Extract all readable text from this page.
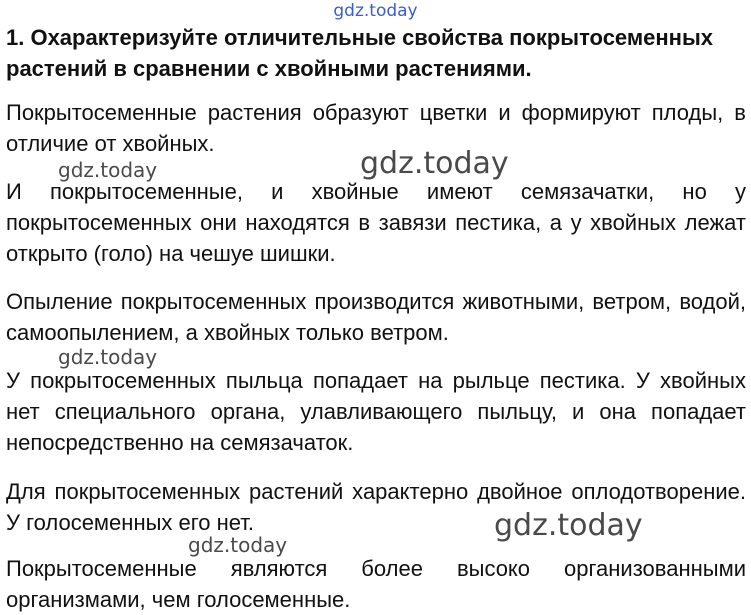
gdz.today
1. Охарактеризуйте отличительные свойства покрытосеменных растений в сравнении с хвойными растениями.
Покрытосеменные растения образуют цветки и формируют плоды, в отличие от хвойных.
И покрытосеменные, и хвойные имеют семязачатки, но у покрытосеменных они находятся в завязи пестика, а у хвойных лежат открыто (голо) на чешуе шишки.
Опыление покрытосеменных производится животными, ветром, водой, самоопылением, а хвойных только ветром.
У покрытосеменных пыльца попадает на рыльце пестика. У хвойных нет специального органа, улавливающего пыльцу, и она попадает непосредственно на семязачаток.
Для покрытосеменных растений характерно двойное оплодотворение. У голосеменных его нет.
Покрытосеменные являются более высоко организованными организмами, чем голосеменные.
gdz.today	gdz.today
gdz.today
gdz.today
gdz.today
